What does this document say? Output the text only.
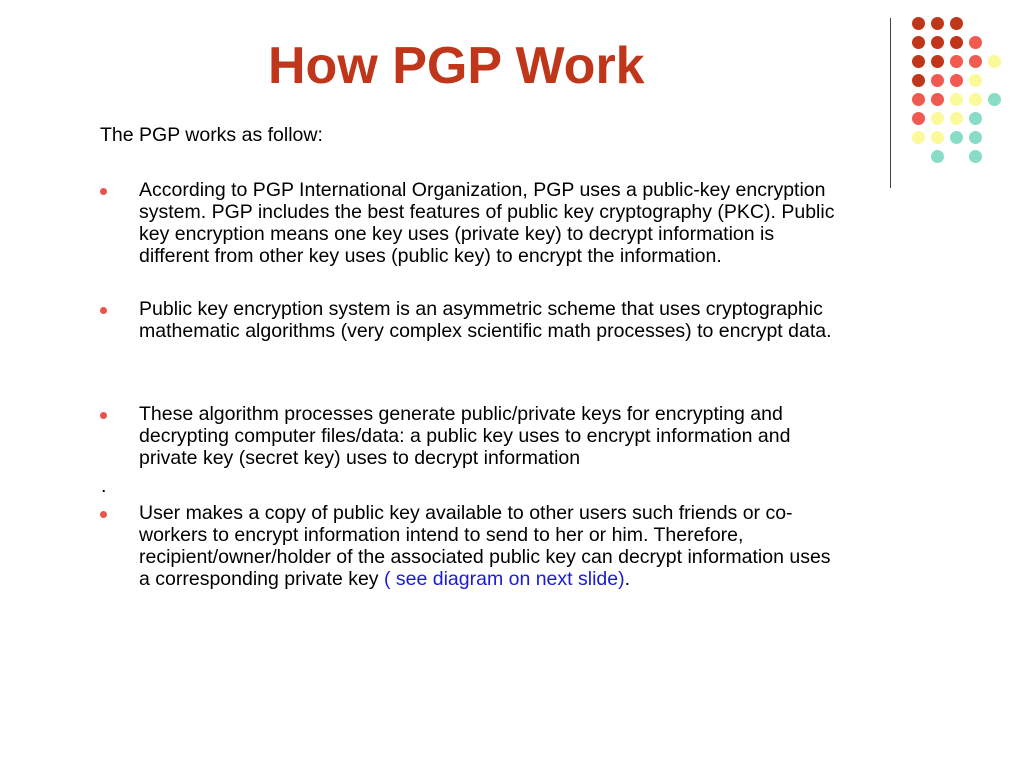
How PGP Work
The PGP works as follow:
According to PGP International Organization, PGP uses a public-key encryption
system. PGP includes the best features of public key cryptography (PKC). Public
key encryption means one key uses (private key) to decrypt information is
different from other key uses (public key) to encrypt the information.
Public key encryption system is an asymmetric scheme that uses cryptographic
mathematic algorithms (very complex scientific math processes) to encrypt data.
These algorithm processes generate public/private keys for encrypting and
decrypting computer files/data: a public key uses to encrypt information and
private key (secret key) uses to decrypt information
.
User makes a copy of public key available to other users such friends or co-
workers to encrypt information intend to send to her or him. Therefore,
recipient/owner/holder of the associated public key can decrypt information uses
a corresponding private key ( see diagram on next slide).
